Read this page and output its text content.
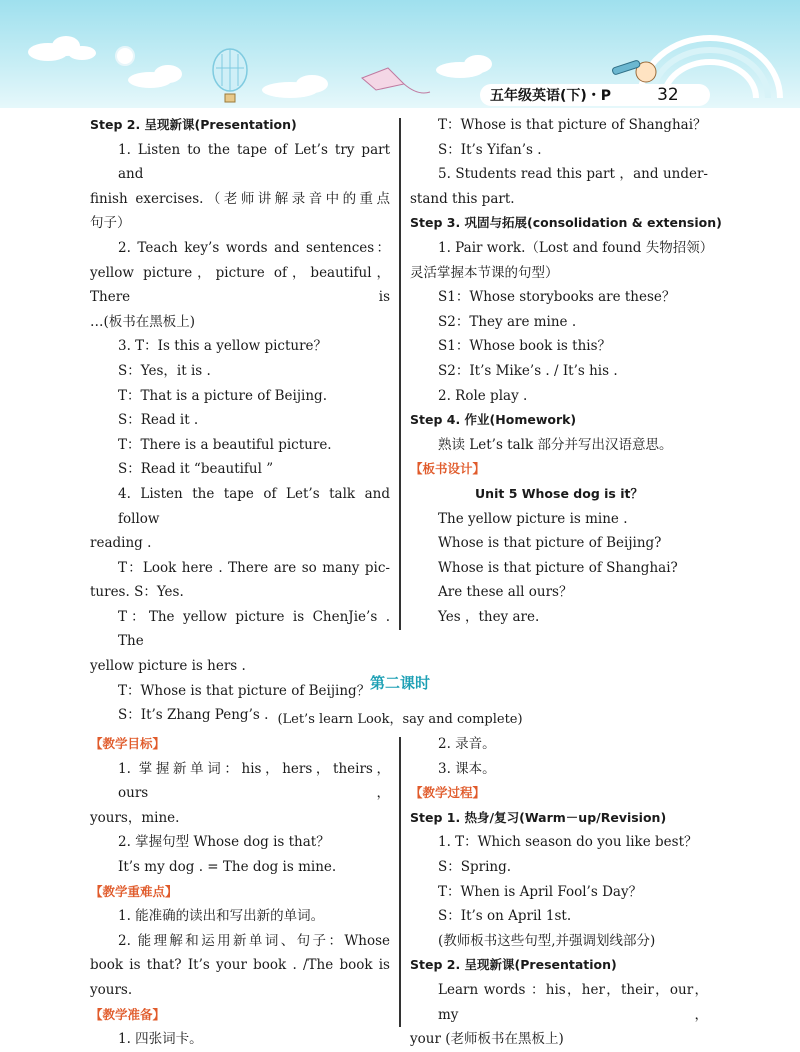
五年级英语(下)・P	32

Step 2. 呈现新课(Presentation)

1. Listen to the tape of Let’s try part and

finish exercises.（老师讲解录音中的重点

句子）

2. Teach key’s words and sentences：

yellow picture，picture of，beautiful，There is

…(板书在黑板上)

3. T：Is this a yellow picture？

S：Yes，it is .

T：That is a picture of Beijing.

S：Read it .

T：There is a beautiful picture.

S：Read it “beautiful ”

4. Listen the tape of Let’s talk and follow

reading .

T：Look here . There are so many pic-

tures. S：Yes.

T：The yellow picture is ChenJie’s . The

yellow picture is hers .

T：Whose is that picture of Beijing？

S：It’s Zhang Peng’s .

T：Whose is that picture of Shanghai？

S：It’s Yifan’s .

5. Students read this part ，and under-

stand this part.

Step 3. 巩固与拓展(consolidation & extension)

1. Pair work.（Lost and found 失物招领）

灵活掌握本节课的句型）

S1：Whose storybooks are these？

S2：They are mine .

S1：Whose book is this？

S2：It’s Mike’s . / It’s his .

2. Role play .

Step 4. 作业(Homework)

熟读 Let’s talk 部分并写出汉语意思。

【板书设计】

Unit 5 Whose dog is it？

The yellow picture is mine .

Whose is that picture of Beijing?

Whose is that picture of Shanghai?

Are these all ours？

Yes ，they are.

第二课时
(Let’s learn Look，say and complete)

【教学目标】

1. 掌握新单词：his，hers，theirs，ours，

yours，mine.

2. 掌握句型 Whose dog is that？

It’s my dog . = The dog is mine.

【教学重难点】

1. 能准确的读出和写出新的单词。

2. 能理解和运用新单词、句子：Whose

book is that? It’s your book . /The book is

yours.

【教学准备】

1. 四张词卡。

2. 录音。

3. 课本。

【教学过程】

Step 1. 热身/复习(Warm－up/Revision)

1. T：Which season do you like best？

S：Spring.

T：When is April Fool’s Day？

S：It’s on April 1st.

(教师板书这些句型,并强调划线部分)

Step 2. 呈现新课(Presentation)

Learn words ：his，her，their，our，my ，

your (老师板书在黑板上)
